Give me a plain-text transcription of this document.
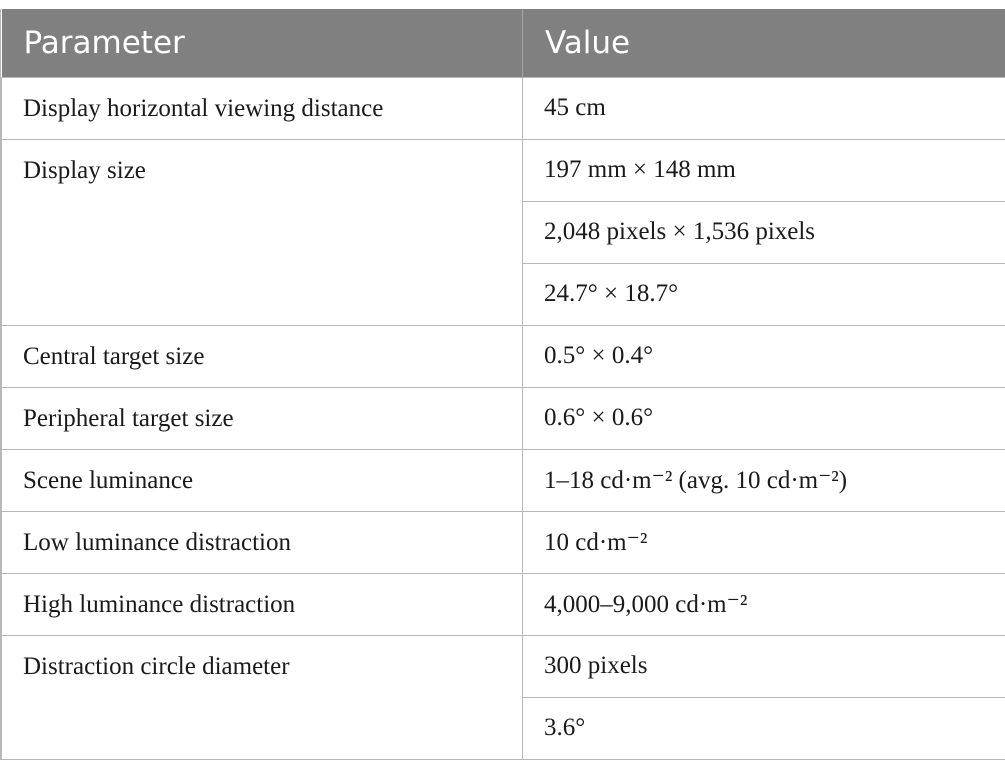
Parameter	Value
Display horizontal viewing distance	45 cm
Display size	197 mm × 148 mm
	2,048 pixels × 1,536 pixels
	24.7° × 18.7°
Central target size	0.5° × 0.4°
Peripheral target size	0.6° × 0.6°
Scene luminance	1–18 cd·m⁻² (avg. 10 cd·m⁻²)
Low luminance distraction	10 cd·m⁻²
High luminance distraction	4,000–9,000 cd·m⁻²
Distraction circle diameter	300 pixels
	3.6°
